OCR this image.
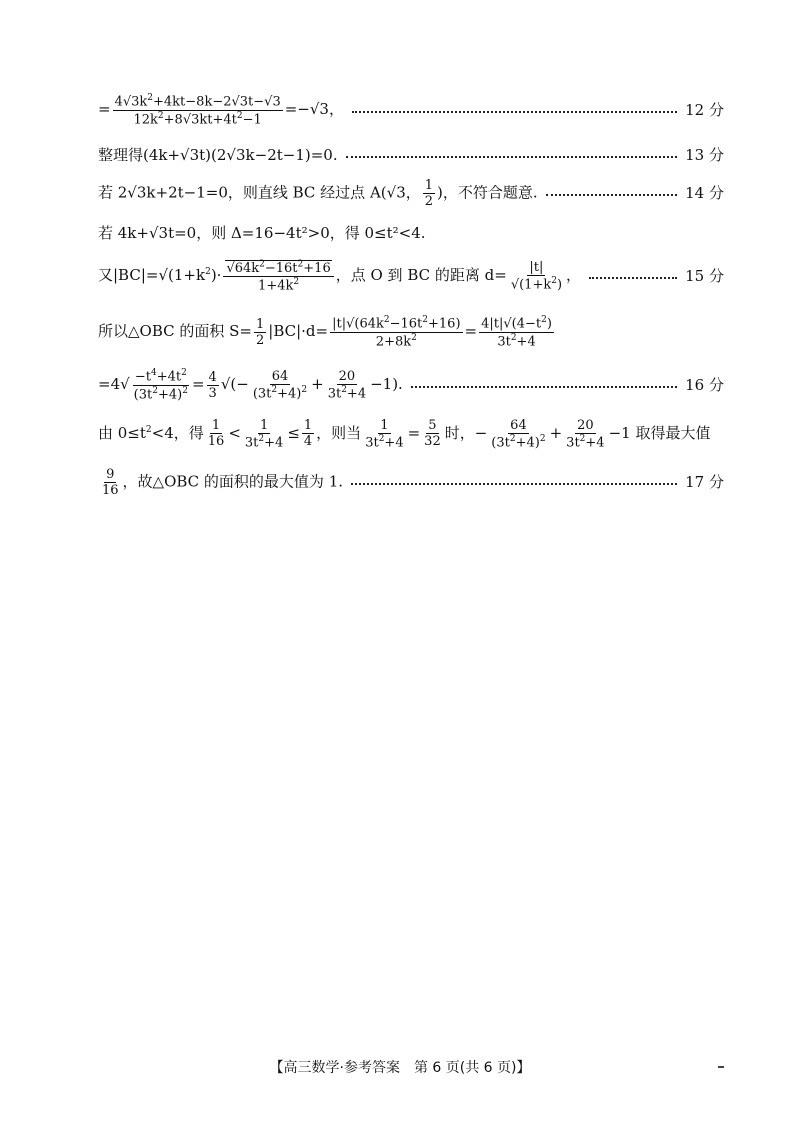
= $\frac{4√3k^2+4kt-8k-2√3t-√3}{12k^2+8√3kt+4t^2-1} =-√3$，	12 分
整理得(4k+√3t)(2√3k−2t−1)=0.	13 分
若 2√3k+2t−1=0，则直线 BC 经过点 A(√3， $\frac{1}{2}$ )，不符合题意.	14 分
若 4k+√3t=0，则 Δ=16−4t²>0，得 0≤t²<4.
又$|BC|=√(1+k^2)\cdot \frac{√64k^2-16t^2+16}{1+4k^2}$ ，点 O 到 BC 的距离 $d= \frac{|t|}{√(1+k^2)}$ ，	15 分
所以△OBC 的面积 $S= \frac{1}{2} |BC|\cdot d= \frac{|t|√(64k^2-16t^2+16)}{2+8k^2} = \frac{4|t|√(4-t^2)}{3t^2+4}$
$=4√ \frac{-t^4+4t^2}{(3t^2+4)^2} = \frac{4}{3}$ √(− $\frac{64}{(3t^2+4)^2} + \frac{20}{3t^2+4} -1$).	16 分
由 $0\le t^2<4$，得 $\frac{1}{16} < \frac{1}{3t^2+4} \le \frac{1}{4}$ ，则当 $\frac{1}{3t^2+4} = \frac{5}{32}$ 时，− $\frac{64}{(3t^2+4)^2} + \frac{20}{3t^2+4} -1$ 取得最大值
$\frac{9}{16}$ ，故△OBC 的面积的最大值为 1.	17 分
【高三数学·参考答案　第 6 页(共 6 页)】
